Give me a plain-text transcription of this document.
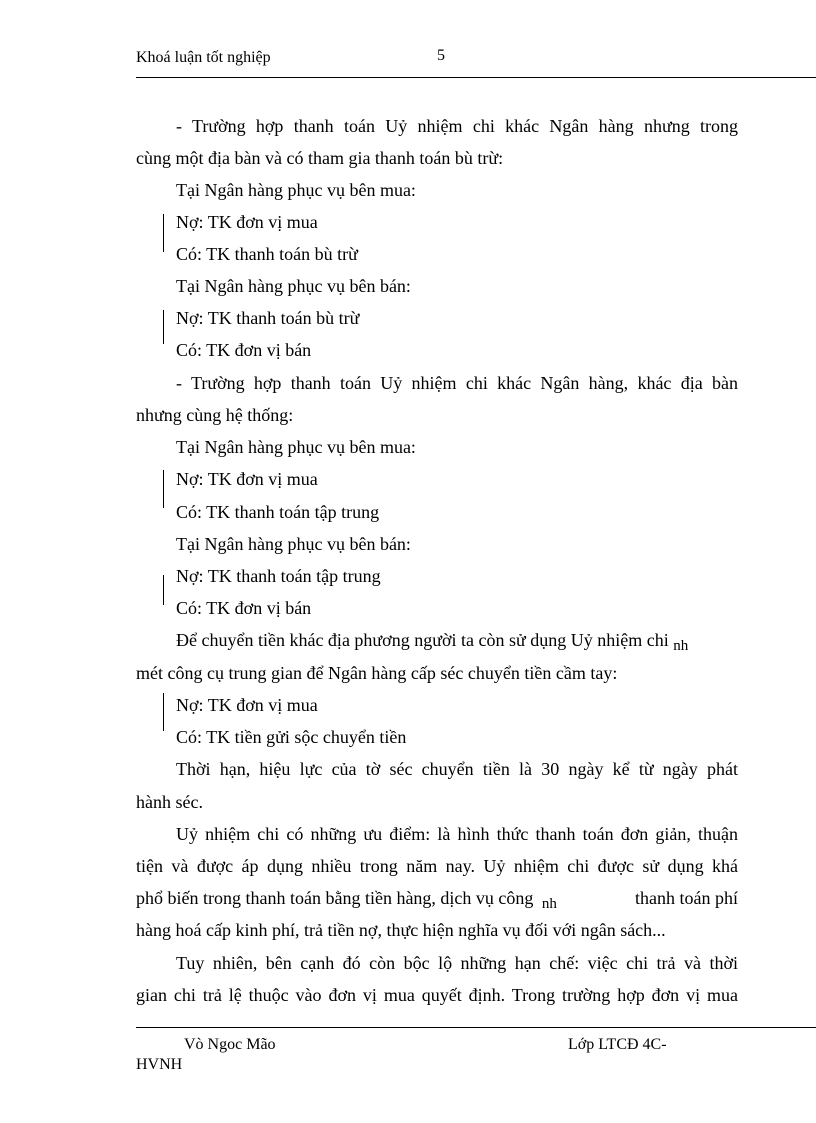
Khoá luận tốt nghiệp	5
- Trường hợp thanh toán Uỷ nhiệm chi khác Ngân hàng nhưng trong
cùng một địa bàn và có tham gia thanh toán bù trừ:
Tại Ngân hàng phục vụ bên mua:
Nợ: TK đơn vị mua
Có: TK thanh toán bù trừ
Tại Ngân hàng phục vụ bên bán:
Nợ: TK thanh toán bù trừ
Có: TK đơn vị bán
- Trường hợp thanh toán Uỷ nhiệm chi khác Ngân hàng, khác địa bàn
nhưng cùng hệ thống:
Tại Ngân hàng phục vụ bên mua:
Nợ: TK đơn vị mua
Có: TK thanh toán tập trung
Tại Ngân hàng phục vụ bên bán:
Nợ: TK thanh toán tập trung
Có: TK đơn vị bán
Để chuyển tiền khác địa phương người ta còn sử dụng Uỷ nhiệm chi $_{nh}$
mét công cụ trung gian để Ngân hàng cấp séc chuyển tiền cầm tay:
Nợ: TK đơn vị mua
Có: TK tiền gửi sộc chuyển tiền
Thời hạn, hiệu lực của tờ séc chuyển tiền là 30 ngày kể từ ngày phát
hành séc.
Uỷ nhiệm chi có những ưu điểm: là hình thức thanh toán đơn giản, thuận
tiện và được áp dụng nhiều trong năm nay. Uỷ nhiệm chi được sử dụng khá
phổ biến trong thanh toán bằng tiền hàng, dịch vụ công $_{nh}$	thanh toán phí
hàng hoá cấp kinh phí, trả tiền nợ, thực hiện nghĩa vụ đối với ngân sách...
Tuy nhiên, bên cạnh đó còn bộc lộ những hạn chế: việc chi trả và thời
gian chi trả lệ thuộc vào đơn vị mua quyết định. Trong trường hợp đơn vị mua
Vò Ngoc Mão	Lớp LTCĐ 4C-
HVNH
